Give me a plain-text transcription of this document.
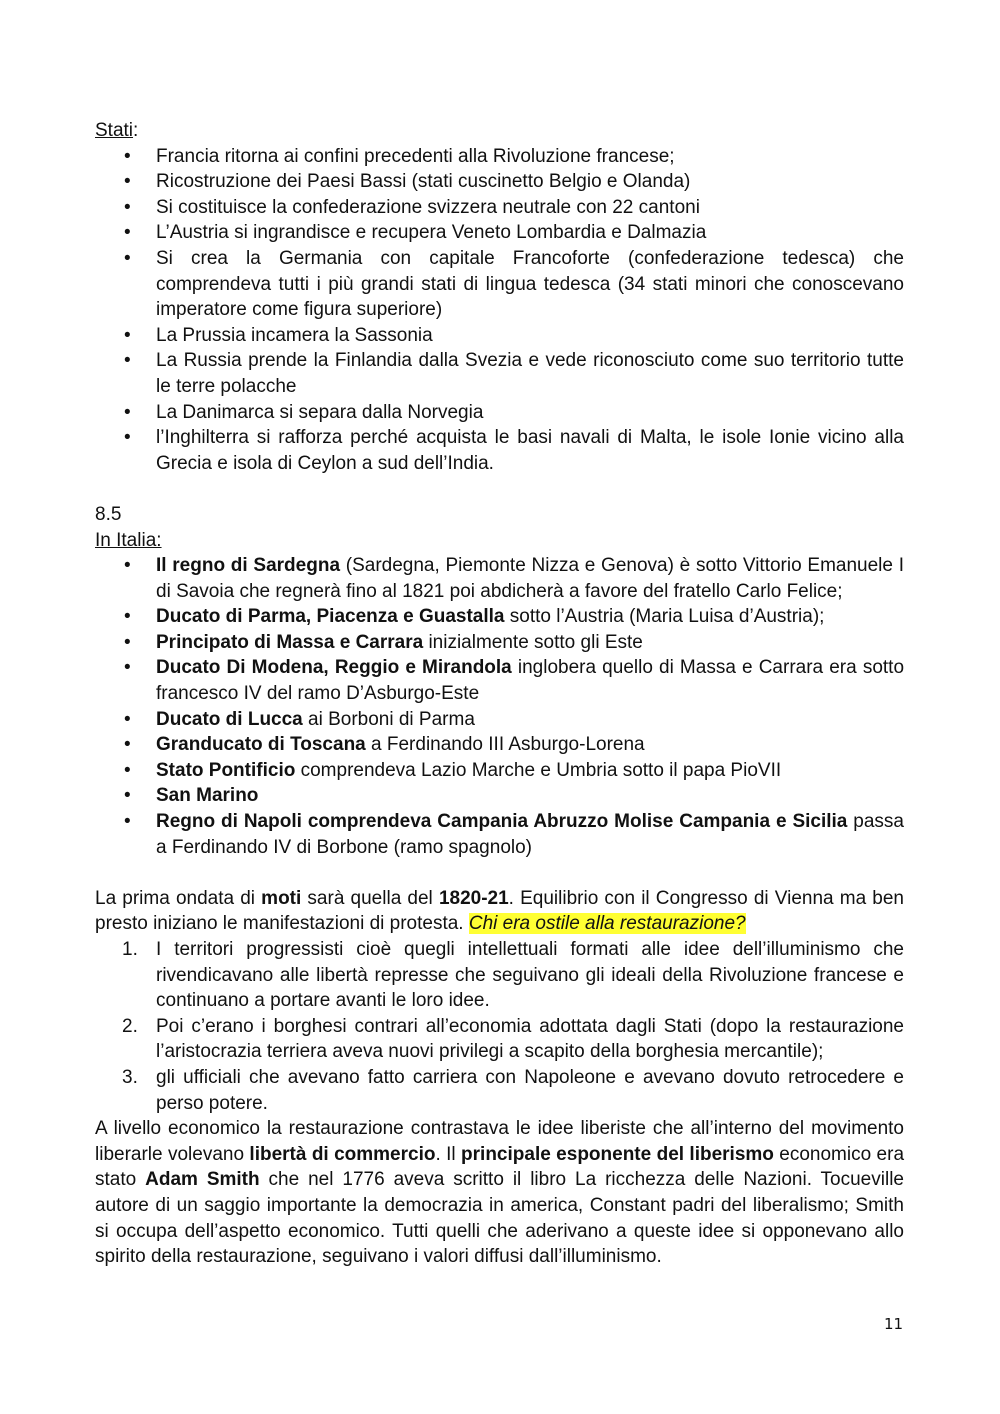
Stati:
• Francia ritorna ai confini precedenti alla Rivoluzione francese;
• Ricostruzione dei Paesi Bassi (stati cuscinetto Belgio e Olanda)
• Si costituisce la confederazione svizzera neutrale con 22 cantoni
• L’Austria si ingrandisce e recupera Veneto Lombardia e Dalmazia
• Si crea la Germania con capitale Francoforte (confederazione tedesca) che comprendeva tutti i più grandi stati di lingua tedesca (34 stati minori che conoscevano imperatore come figura superiore)
• La Prussia incamera la Sassonia
• La Russia prende la Finlandia dalla Svezia e vede riconosciuto come suo territorio tutte le terre polacche
• La Danimarca si separa dalla Norvegia
• l’Inghilterra si rafforza perché acquista le basi navali di Malta, le isole Ionie vicino alla Grecia e isola di Ceylon a sud dell’India.
8.5
In Italia:
• Il regno di Sardegna (Sardegna, Piemonte Nizza e Genova) è sotto Vittorio Emanuele I di Savoia che regnerà fino al 1821 poi abdicherà a favore del fratello Carlo Felice;
• Ducato di Parma, Piacenza e Guastalla sotto l’Austria (Maria Luisa d’Austria);
• Principato di Massa e Carrara inizialmente sotto gli Este
• Ducato Di Modena, Reggio e Mirandola inglobera quello di Massa e Carrara era sotto francesco IV del ramo D’Asburgo-Este
• Ducato di Lucca ai Borboni di Parma
• Granducato di Toscana a Ferdinando III Asburgo-Lorena
• Stato Pontificio comprendeva Lazio Marche e Umbria sotto il papa PioVII
• San Marino
• Regno di Napoli comprendeva Campania Abruzzo Molise Campania e Sicilia passa a Ferdinando IV di Borbone (ramo spagnolo)

La prima ondata di moti sarà quella del 1820-21. Equilibrio con il Congresso di Vienna ma ben presto iniziano le manifestazioni di protesta. Chi era ostile alla restaurazione?

1. I territori progressisti cioè quegli intellettuali formati alle idee dell’illuminismo che rivendicavano alle libertà represse che seguivano gli ideali della Rivoluzione francese e continuano a portare avanti le loro idee.
2. Poi c’erano i borghesi contrari all’economia adottata dagli Stati (dopo la restaurazione l’aristocrazia terriera aveva nuovi privilegi a scapito della borghesia mercantile);
3. gli ufficiali che avevano fatto carriera con Napoleone e avevano dovuto retrocedere e perso potere.

A livello economico la restaurazione contrastava le idee liberiste che all’interno del movimento liberarle volevano libertà di commercio. Il principale esponente del liberismo economico era stato Adam Smith che nel 1776 aveva scritto il libro La ricchezza delle Nazioni. Tocueville autore di un saggio importante la democrazia in america, Constant padri del liberalismo; Smith si occupa dell’aspetto economico. Tutti quelli che aderivano a queste idee si opponevano allo spirito della restaurazione, seguivano i valori diffusi dall’illuminismo.

11
